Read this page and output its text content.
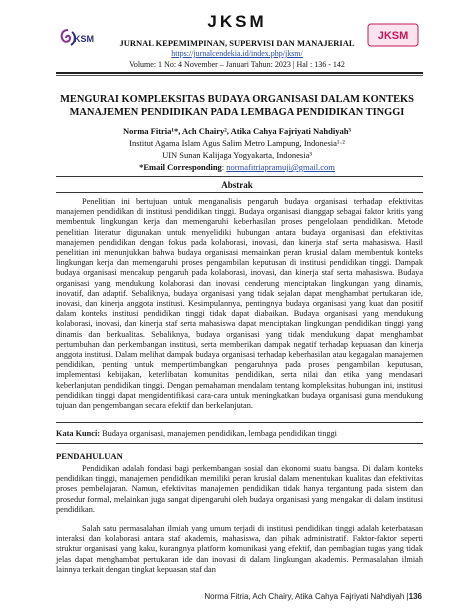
KSM
JKSM
JKSM
JURNAL KEPEMIMPINAN, SUPERVISI DAN MANAJERIAL
https://jurnalcendekia.id/index.php/jksm/
Volume: 1 No: 4 November – Januari Tahun: 2023 | Hal : 136 - 142
MENGURAI KOMPLEKSITAS BUDAYA ORGANISASI DALAM KONTEKS MANAJEMEN PENDIDIKAN PADA LEMBAGA PENDIDIKAN TINGGI
Norma Fitria¹*, Ach Chairy², Atika Cahya Fajriyati Nahdiyah³
Institut Agama Islam Agus Salim Metro Lampung, Indonesia¹·²
UIN Sunan Kalijaga Yogyakarta, Indonesia³
*Email Corresponding: normafitriapramuji@gmail.com
Abstrak

Penelitian ini bertujuan untuk menganalisis pengaruh budaya organisasi terhadap efektivitas manajemen pendidikan di institusi pendidikan tinggi. Budaya organisasi dianggap sebagai faktor kritis yang membentuk lingkungan kerja dan memengaruhi keberhasilan proses pengelolaan pendidikan. Metode penelitian literatur digunakan untuk menyelidiki hubungan antara budaya organisasi dan efektivitas manajemen pendidikan dengan fokus pada kolaborasi, inovasi, dan kinerja staf serta mahasiswa. Hasil penelitian ini menunjukkan bahwa budaya organisasi memainkan peran krusial dalam membentuk konteks lingkungan kerja dan memengaruhi proses pengambilan keputusan di institusi pendidikan tinggi. Dampak budaya organisasi mencakup pengaruh pada kolaborasi, inovasi, dan kinerja staf serta mahasiswa. Budaya organisasi yang mendukung kolaborasi dan inovasi cenderung menciptakan lingkungan yang dinamis, inovatif, dan adaptif. Sebaliknya, budaya organisasi yang tidak sejalan dapat menghambat pertukaran ide, inovasi, dan kinerja anggota institusi. Kesimpulannya, pentingnya budaya organisasi yang kuat dan positif dalam konteks institusi pendidikan tinggi tidak dapat diabaikan. Budaya organisasi yang mendukung kolaborasi, inovasi, dan kinerja staf serta mahasiswa dapat menciptakan lingkungan pendidikan tinggi yang dinamis dan berkualitas. Sebaliknya, budaya organisasi yang tidak mendukung dapat menghambat pertumbuhan dan perkembangan institusi, serta memberikan dampak negatif terhadap kepuasan dan kinerja anggota institusi. Dalam melihat dampak budaya organisasi terhadap keberhasilan atau kegagalan manajemen pendidikan, penting untuk mempertimbangkan pengaruhnya pada proses pengambilan keputusan, implementasi kebijakan, keterlibatan komunitas pendidikan, serta nilai dan etika yang mendasari keberlanjutan pendidikan tinggi. Dengan pemahaman mendalam tentang kompleksitas hubungan ini, institusi pendidikan tinggi dapat mengidentifikasi cara-cara untuk meningkatkan budaya organisasi guna mendukung tujuan dan pengembangan secara efektif dan berkelanjutan.

Kata Kunci: Budaya organisasi, manajemen pendidikan, lembaga pendidikan tinggi
PENDAHULUAN

Pendidikan adalah fondasi bagi perkembangan sosial dan ekonomi suatu bangsa. Di dalam konteks pendidikan tinggi, manajemen pendidikan memiliki peran krusial dalam menentukan kualitas dan efektivitas proses pembelajaran. Namun, efektivitas manajemen pendidikan tidak hanya tergantung pada sistem dan prosedur formal, melainkan juga sangat dipengaruhi oleh budaya organisasi yang mengakar di dalam institusi pendidikan.

Salah satu permasalahan ilmiah yang umum terjadi di institusi pendidikan tinggi adalah keterbatasan interaksi dan kolaborasi antara staf akademis, mahasiswa, dan pihak administratif. Faktor-faktor seperti struktur organisasi yang kaku, kurangnya platform komunikasi yang efektif, dan pembagian tugas yang tidak jelas dapat menghambat pertukaran ide dan inovasi di dalam lingkungan akademis. Permasalahan ilmiah lainnya terkait dengan tingkat kepuasan staf dan

Norma Fitria, Ach Chairy, Atika Cahya Fajriyati Nahdiyah |136
